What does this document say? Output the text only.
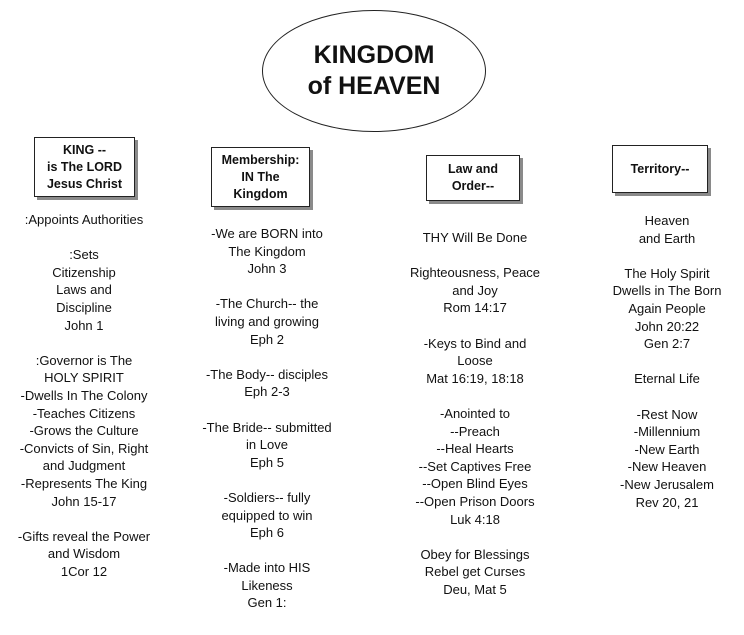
KINGDOM
of HEAVEN
KING --
is The LORD
Jesus Christ
Membership:
IN The
Kingdom
Law and
Order--
Territory--
:Appoints Authorities
:Sets
Citizenship
Laws and
Discipline
John 1
:Governor is The
HOLY SPIRIT
-Dwells In The Colony
-Teaches Citizens
-Grows the Culture
-Convicts of Sin, Right
and Judgment
-Represents The King
John 15-17
-Gifts reveal the Power
and Wisdom
1Cor 12
-We are BORN into
The Kingdom
John 3
-The Church-- the
living and growing
Eph 2
-The Body-- disciples
Eph 2-3
-The Bride-- submitted
in Love
Eph 5
-Soldiers-- fully
equipped to win
Eph 6
-Made into HIS
Likeness
Gen 1:
THY Will Be Done
Righteousness, Peace
and Joy
Rom 14:17
-Keys to Bind and
Loose
Mat 16:19, 18:18
-Anointed to
--Preach
--Heal Hearts
--Set Captives Free
--Open Blind Eyes
--Open Prison Doors
Luk 4:18
Obey for Blessings
Rebel get Curses
Deu, Mat 5
Heaven
and Earth
The Holy Spirit
Dwells in The Born
Again People
John 20:22
Gen 2:7
Eternal Life
-Rest Now
-Millennium
-New Earth
-New Heaven
-New Jerusalem
Rev 20, 21
